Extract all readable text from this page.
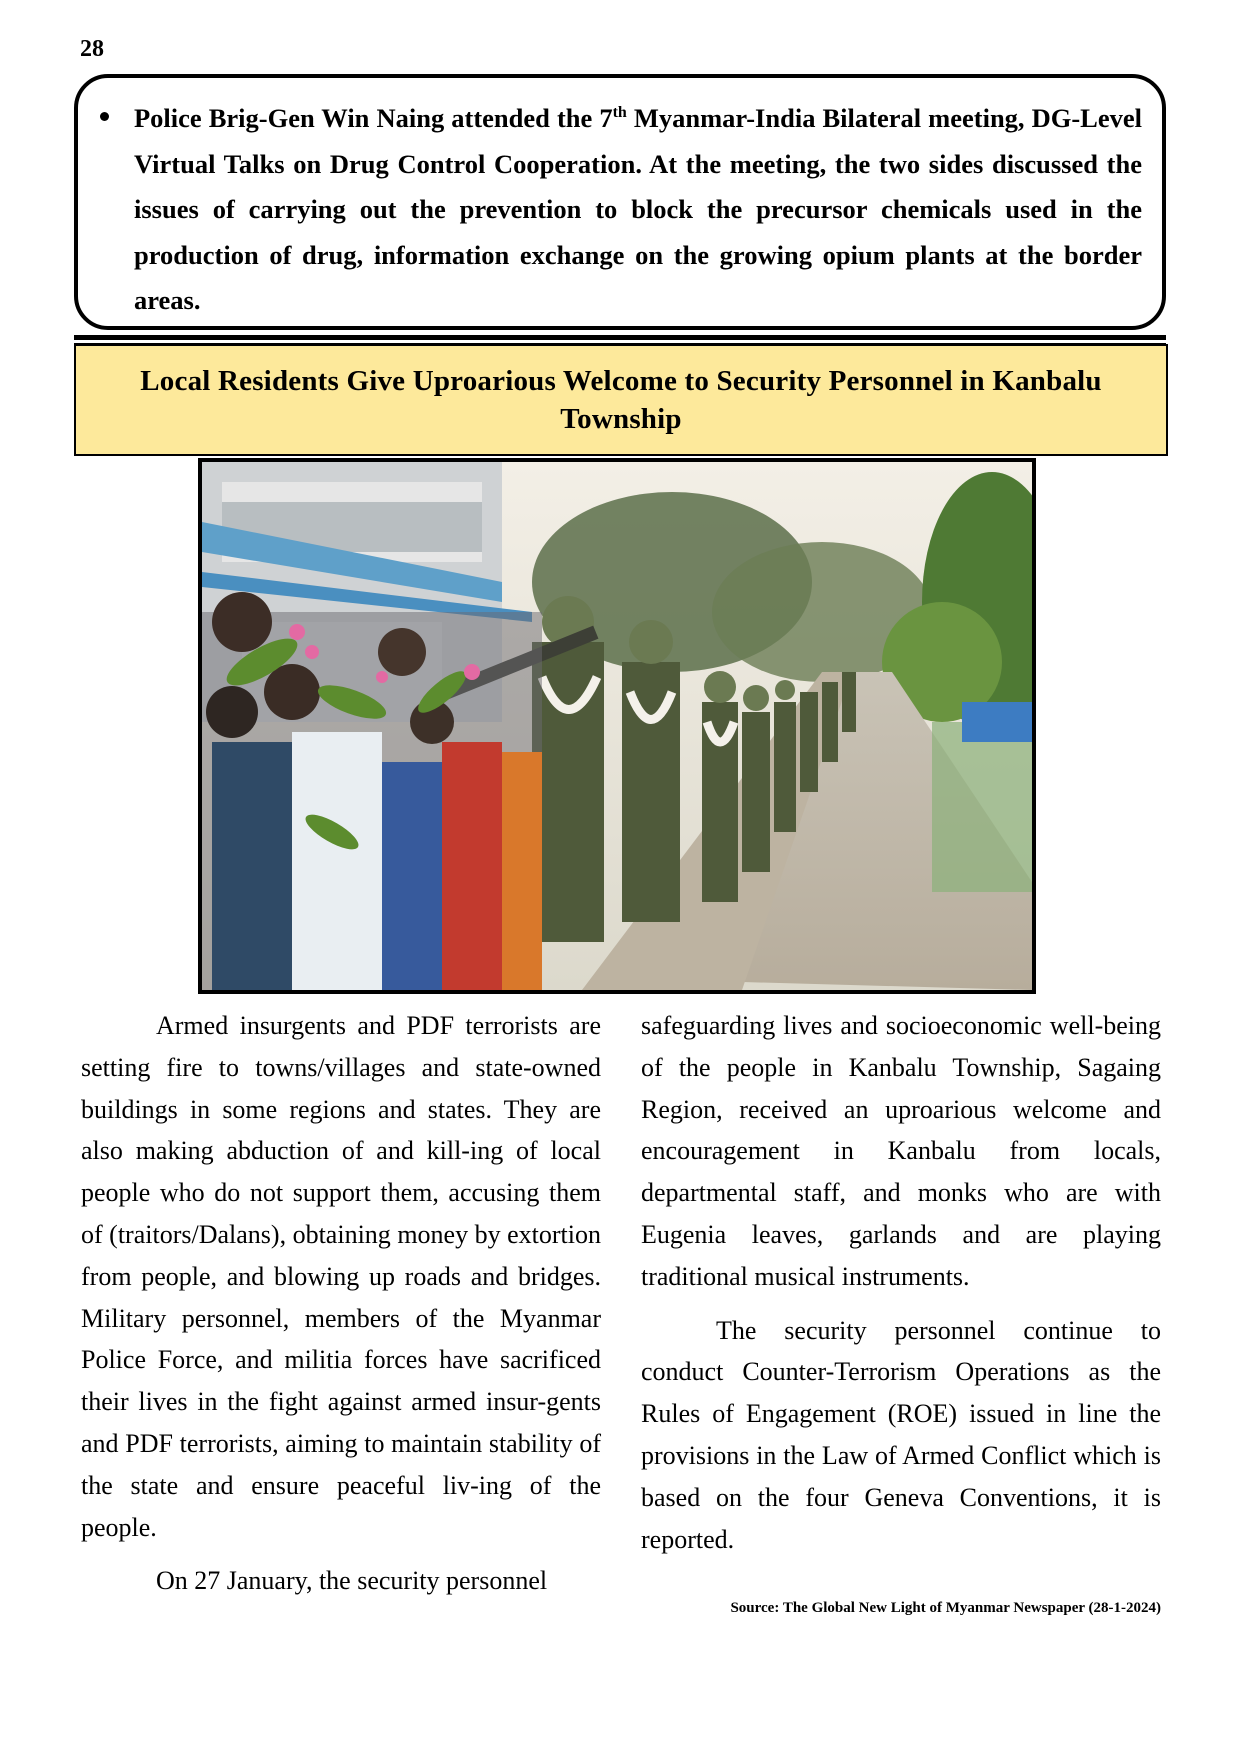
28
Police Brig-Gen Win Naing attended the 7th Myanmar-India Bilateral meeting, DG-Level Virtual Talks on Drug Control Cooperation. At the meeting, the two sides discussed the issues of carrying out the prevention to block the precursor chemicals used in the production of drug, information exchange on the growing opium plants at the border areas.
Local Residents Give Uproarious Welcome to Security Personnel in Kanbalu Township

Armed insurgents and PDF terrorists are setting fire to towns/villages and state-owned buildings in some regions and states. They are also making abduction of and kill-ing of local people who do not support them, accusing them of (traitors/Dalans), obtaining money by extortion from people, and blowing up roads and bridges. Military personnel, members of the Myanmar Police Force, and militia forces have sacrificed their lives in the fight against armed insur-gents and PDF terrorists, aiming to maintain stability of the state and ensure peaceful liv-ing of the people.

On 27 January, the security personnel

safeguarding lives and socioeconomic well-being of the people in Kanbalu Township, Sagaing Region, received an uproarious welcome and encouragement in Kanbalu from locals, departmental staff, and monks who are with Eugenia leaves, garlands and are playing traditional musical instruments.

The security personnel continue to conduct Counter-Terrorism Operations as the Rules of Engagement (ROE) issued in line the provisions in the Law of Armed Conflict which is based on the four Geneva Conventions, it is reported.

Source: The Global New Light of Myanmar Newspaper (28-1-2024)
